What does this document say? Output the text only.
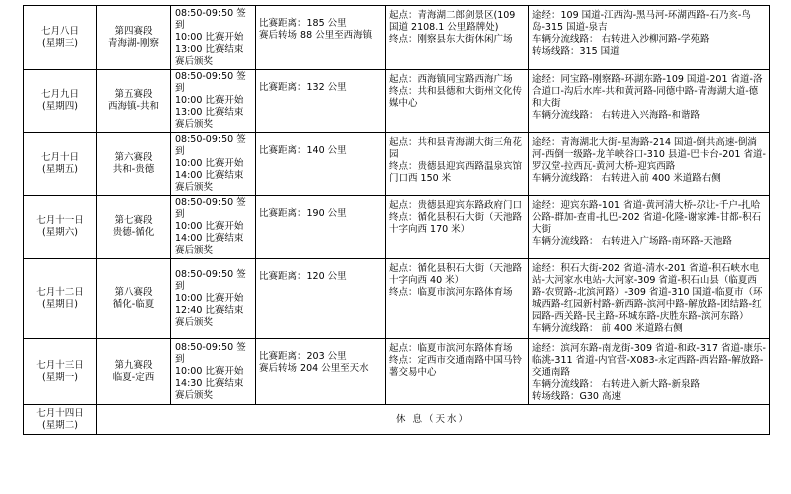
七月八日
(星期三)	第四赛段
青海湖-刚察	08:50-09:50 签到
10:00 比赛开始
13:00 比赛结束
赛后颁奖	比赛距离：185 公里
赛后转场 88 公里至西海镇	起点：青海湖二郎剑景区(109 国道 2108.1 公里路牌处)
终点：刚察县东大街休闲广场	途经：109 国道-江西沟-黑马河-环湖西路-石乃亥-鸟岛-315 国道-泉吉
车辆分流线路： 右转进入沙柳河路-学苑路
转场线路：315 国道

七月九日
(星期四)	第五赛段
西海镇-共和	08:50-09:50 签到
10:00 比赛开始
13:00 比赛结束
赛后颁奖	比赛距离：132 公里	起点：西海镇同宝路西海广场
终点：共和县德和大街州文化传媒中心	途经：同宝路-刚察路-环湖东路-109 国道-201 省道-洛合道口-沟后水库-共和黄河路-同德中路-青海湖大道-德和大街
车辆分流线路： 右转进入兴海路-和谐路

七月十日
(星期五)	第六赛段
共和-贵德	08:50-09:50 签到
10:00 比赛开始
14:00 比赛结束
赛后颁奖	比赛距离：140 公里	起点：共和县青海湖大街三角花园
终点：贵德县迎宾西路温泉宾馆门口西 150 米	途经：青海湖北大街-星海路-214 国道-倒共高速-倒淌河-西倒一级路-龙羊峡谷口-310 县道-巴卡台-201 省道-罗汉堂-拉西瓦-黄河大桥-迎宾西路
车辆分流线路： 右转进入前 400 米道路右侧

七月十一日
(星期六)	第七赛段
贵德-循化	08:50-09:50 签到
10:00 比赛开始
14:00 比赛结束
赛后颁奖	比赛距离：190 公里	起点：贵德县迎宾东路政府门口
终点：循化县积石大街（天池路十字向西 170 米）	途经：迎宾东路-101 省道-黄河清大桥-尕让-千户-扎哈公路-群加-查甫-扎巴-202 省道-化隆-谢家滩-甘都-积石大街
车辆分流线路： 右转进入广场路-南环路-天池路

七月十二日
(星期日)	第八赛段
循化-临夏	08:50-09:50 签到
10:00 比赛开始
12:40 比赛结束
赛后颁奖	比赛距离：120 公里	起点：循化县积石大街（天池路十字向西 40 米）
终点：临夏市滨河东路体育场	途经：积石大街-202 省道-清水-201 省道-积石峡水电站-大河家水电站-大河家-309 省道-积石山县（临夏西路-农贸路-北滨河路）-309 省道-310 国道-临夏市（环城西路-红园新村路-新西路-滨河中路-解放路-团结路-红园路-西关路-民主路-环城东路-庆胜东路-滨河东路）
车辆分流线路： 前 400 米道路右侧

七月十三日
(星期一)	第九赛段
临夏-定西	08:50-09:50 签到
10:00 比赛开始
14:30 比赛结束
赛后颁奖	比赛距离：203 公里
赛后转场 204 公里至天水	起点：临夏市滨河东路体育场
终点：定西市交通南路中国马铃薯交易中心	途经：滨河东路-南龙街-309 省道-和政-317 省道-康乐-临洮-311 省道-内官营-X083-永定西路-西岩路-解放路-交通南路
车辆分流线路： 右转进入新大路-新泉路
转场线路：G30 高速

七月十四日
(星期二)	休 息（天水）				
